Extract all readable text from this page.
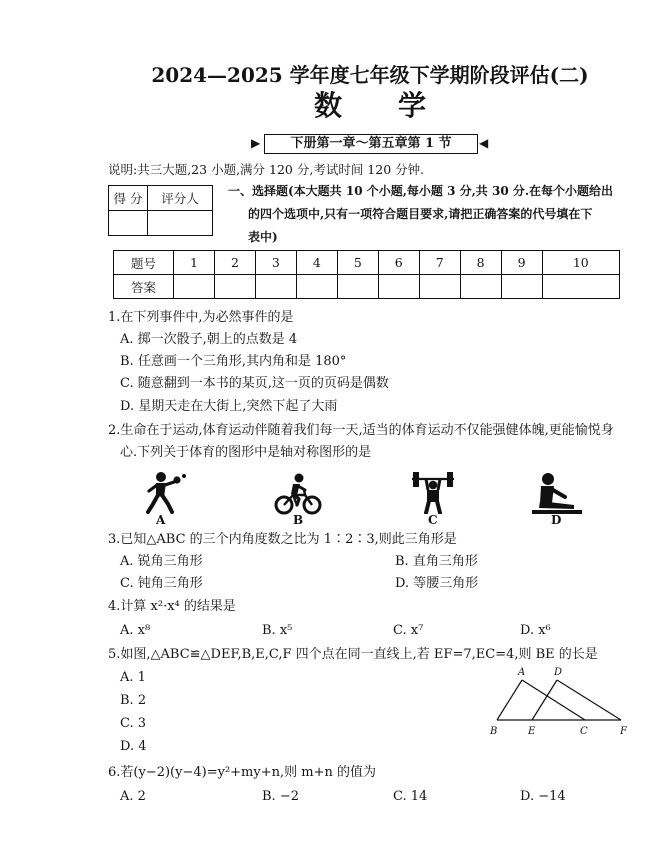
2024—2025 学年度七年级下学期阶段评估(二)
数　学
▶	下册第一章～第五章第 1 节	◀
说明:共三大题,23 小题,满分 120 分,考试时间 120 分钟.
得 分	评分人
	一、选择题(本大题共 10 个小题,每小题 3 分,共 30 分.在每个小题给出
的四个选项中,只有一项符合题目要求,请把正确答案的代号填在下
表中)
题号	1	2	3	4	5	6	7	8	9	10
答案										
1.在下列事件中,为必然事件的是
A. 掷一次骰子,朝上的点数是 4
B. 任意画一个三角形,其内角和是 180°
C. 随意翻到一本书的某页,这一页的页码是偶数
D. 星期天走在大街上,突然下起了大雨
2.生命在于运动,体育运动伴随着我们每一天,适当的体育运动不仅能强健体魄,更能愉悦身
心.下列关于体育的图形中是轴对称图形的是
A	B	C	D
3.已知△ABC 的三个内角度数之比为 1∶2∶3,则此三角形是
A. 锐角三角形	B. 直角三角形
C. 钝角三角形	D. 等腰三角形
4.计算 x²·x⁴ 的结果是
A. x⁸	B. x⁵	C. x⁷	D. x⁶
5.如图,△ABC≌△DEF,B,E,C,F 四个点在同一直线上,若 EF=7,EC=4,则 BE 的长是
A. 1
B. 2
C. 3
D. 4
A	D
B	E	C	F
6.若(y−2)(y−4)=y²+my+n,则 m+n 的值为
A. 2	B. −2	C. 14	D. −14
